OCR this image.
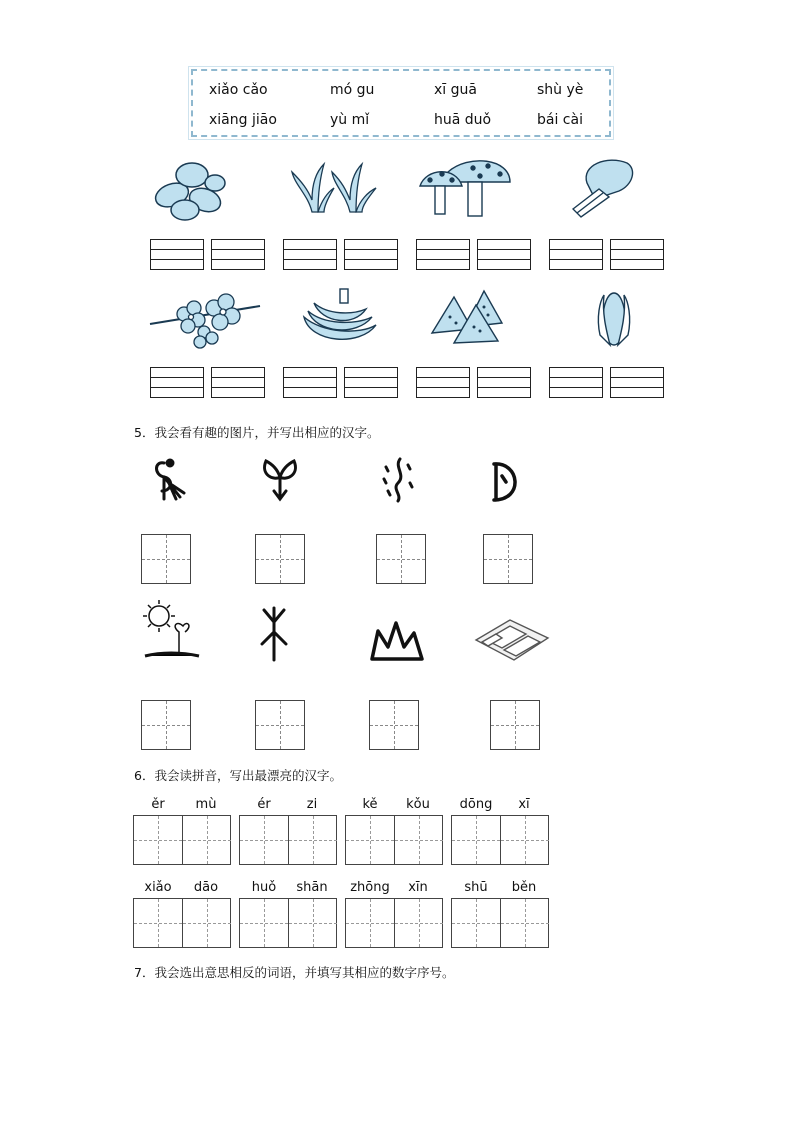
xiǎo cǎo	mó gu	xī guā	shù yè
xiāng jiāo	yù mǐ	huā duǒ	bái cài
5．我会看有趣的图片，并写出相应的汉字。
6．我会读拼音，写出最漂亮的汉字。
ěr	mù	ér	zi	kě	kǒu	dōng	xī
xiǎo	dāo	huǒ	shān	zhōng	xīn	shū	běn
7．我会选出意思相反的词语，并填写其相应的数字序号。
